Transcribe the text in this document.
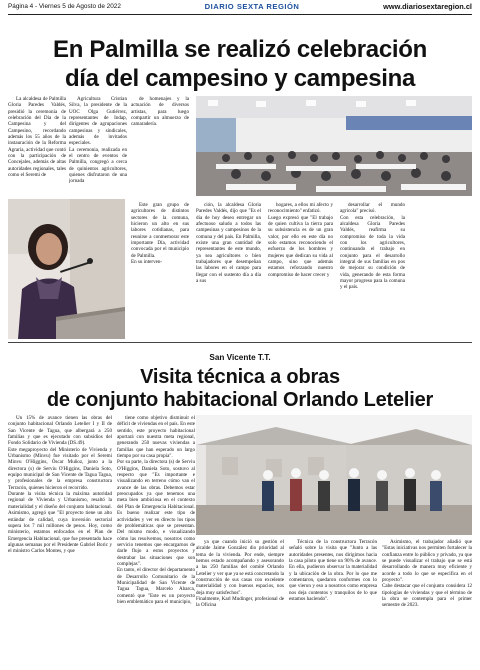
Página 4 - Viernes 5 de Agosto de 2022	DIARIO SEXTA REGIÓN	www.diariosextaregion.cl
En Palmilla se realizó celebración
día del campesino y campesina

La alcaldesa de Palmilla Gloria Paredes Valdés, presidió la ceremonia de celebración del Día de la Campesina y del Campesino, recordando además los 55 años de la instauración de la Reforma Agraria, actividad que contó con la participación de Concejales, además de altas autoridades regionales, tales como el Seremi de

Agricultura Cristian Silva, la presidente de la UOC Olga Gutiérrez, representantes de Indap, dirigentes de agrupaciones campesinas y sindicales, además de invitados especiales.
La ceremonia, realizada en el centro de eventos de Palmilla, congregó a cerca de quinientos agricultores, quienes disfrutaron de una jornada

de homenajes y la actuación de diversos artistas, para luego compartir un almuerzo de camaradería.

Este gran grupo de agricultores de distintos sectores de la comuna, hicieron un alto en sus labores cotidianas, para reunirse a conmemorar este importante Día, actividad convocada por el municipio de Palmilla.
En su interven-

ción, la alcaldesa Gloria Paredes Valdés, dijo que "Es el día de hoy deseo entregar un afectuoso saludo a todos las campesinas y campesinos de la comuna y del país. En Palmilla, existe una gran cantidad de representantes de este mundo, ya sea agricultores o bien trabajadores que desempeñan las labores en el campo para llegar con el sustento día a día a sus

hogares, a ellos mi afecto y reconocimiento" enfatizó.
Luego expresó que "El trabajo de quien cultiva la tierra para su subsistencia es de un gran valor, por ello en este día no solo estamos reconociendo el esfuerzo de los hombres y mujeres que dedican su vida al campo, sino que además estamos reforzando nuestro compromiso de hacer crecer y

desarrollar el mundo agrícola" precisó.
Con esta celebración, la alcaldesa Gloria Paredes Valdés, reafirma su compromiso de toda la vida con los agricultores, continuando el trabajo en conjunto para el desarrollo integral de sus familias en pos de mejorar su condición de vida, generando de esta forma mayor progreso para la comuna y el país.

San Vicente T.T.
Visita técnica a obras
de conjunto habitacional Orlando Letelier

Un 15% de avance tienen las obras del conjunto habitacional Orlando Letelier I y II de San Vicente de Tagua, que albergará a 250 familias y que es ejecutado con subsidios del Fondo Solidario de Vivienda (DS.49).
Este megaproyecto del Ministerio de Vivienda y Urbanismo (Minvu) fue visitado por el Seremi Minvu O'Higgins, Óscar Muñoz, junto a la directora (s) de Serviu O'Higgins, Daniela Soto, equipo municipal de San Vicente de Tagua Tagua, y profesionales de la empresa constructora Terracón, quienes hicieron el recorrido.
Durante la visita técnica la máxima autoridad regional de Vivienda y Urbanismo, resaltó la materialidad y el diseño del conjunto habitacional. Asimismo, agregó que "El proyecto tiene un alto estándar de calidad, cuya inversión sectorial supera los 7 mil millones de pesos. Hoy, como ministerio, estamos enfocados en el Plan de Emergencia Habitacional, que fue presentado hace algunas semanas por el Presidente Gabriel Boric y el ministro Carlos Montes, y que

tiene como objetivo disminuir el déficit de viviendas en el país. En este sentido, este proyecto habitacional aportará con nuestra meta regional, generando 250 nuevas viviendas a familias que han esperado un largo tiempo por su casa propia".
Por su parte, la directora (s) de Serviu O'Higgins, Daniela Soto, sostuvo al respecto que "Es importante e visualizando en terreno cómo van el avance de las obras. Debemos estar preocupados ya que tenemos una meta bien ambiciosa en el contexto del Plan de Emergencia Habitacional. Es bueno realizar este tipo de actividades y ver en directo los tipos de problemáticas que se presentan. Del mismo modo, e visualizando cómo las resolvemos, nosotros como servicio tenemos que encargarnos de darle flujo a estos proyectos y destrabar las situaciones que son complejas".
En tanto, el director del departamento de Desarrollo Comunitario de la Municipalidad de San Vicente de Tagua Tagua, Marcelo Abarca, comentó que "Este es un proyecto bien emblemático para el municipio,

ya que cuando inició su gestión el alcalde Jaime González dio prioridad al tema de la vivienda. Por ende, siempre hemos estado acompañando y asesorando a las 250 familias del comité Orlando Letelier y ver que ya se está concretando la construcción de sus casas con excelente materialidad y con buenos espacios, nos deja muy satisfechos".
Finalmente, Karl Mudinger, profesional de la Oficina

Técnica de la constructora Terracón señaló sobre la visita que "Junto a las autoridades presentes, nos dirigimos hacia la casa piloto que tiene un 90% de avance. En ella, pudieron observar la materialidad y la ubicación de la obra. Por lo que me comentaron, quedaron conformes con lo que vieron y eso a nosotros como empresa nos deja contentos y tranquilos de lo que estamos haciendo".

Asimismo, el trabajador añadió que "Estas iniciativas nos permiten fortalecer la confianza entre lo público y privado, ya que se puede visualizar el trabajo que se está desarrollando de manera muy eficiente y acorde a todo lo que se especifica en el proyecto".
Cabe destacar que el conjunto considera 12 tipologías de viviendas y que el término de la obra se contempla para el primer semestre de 2023.
